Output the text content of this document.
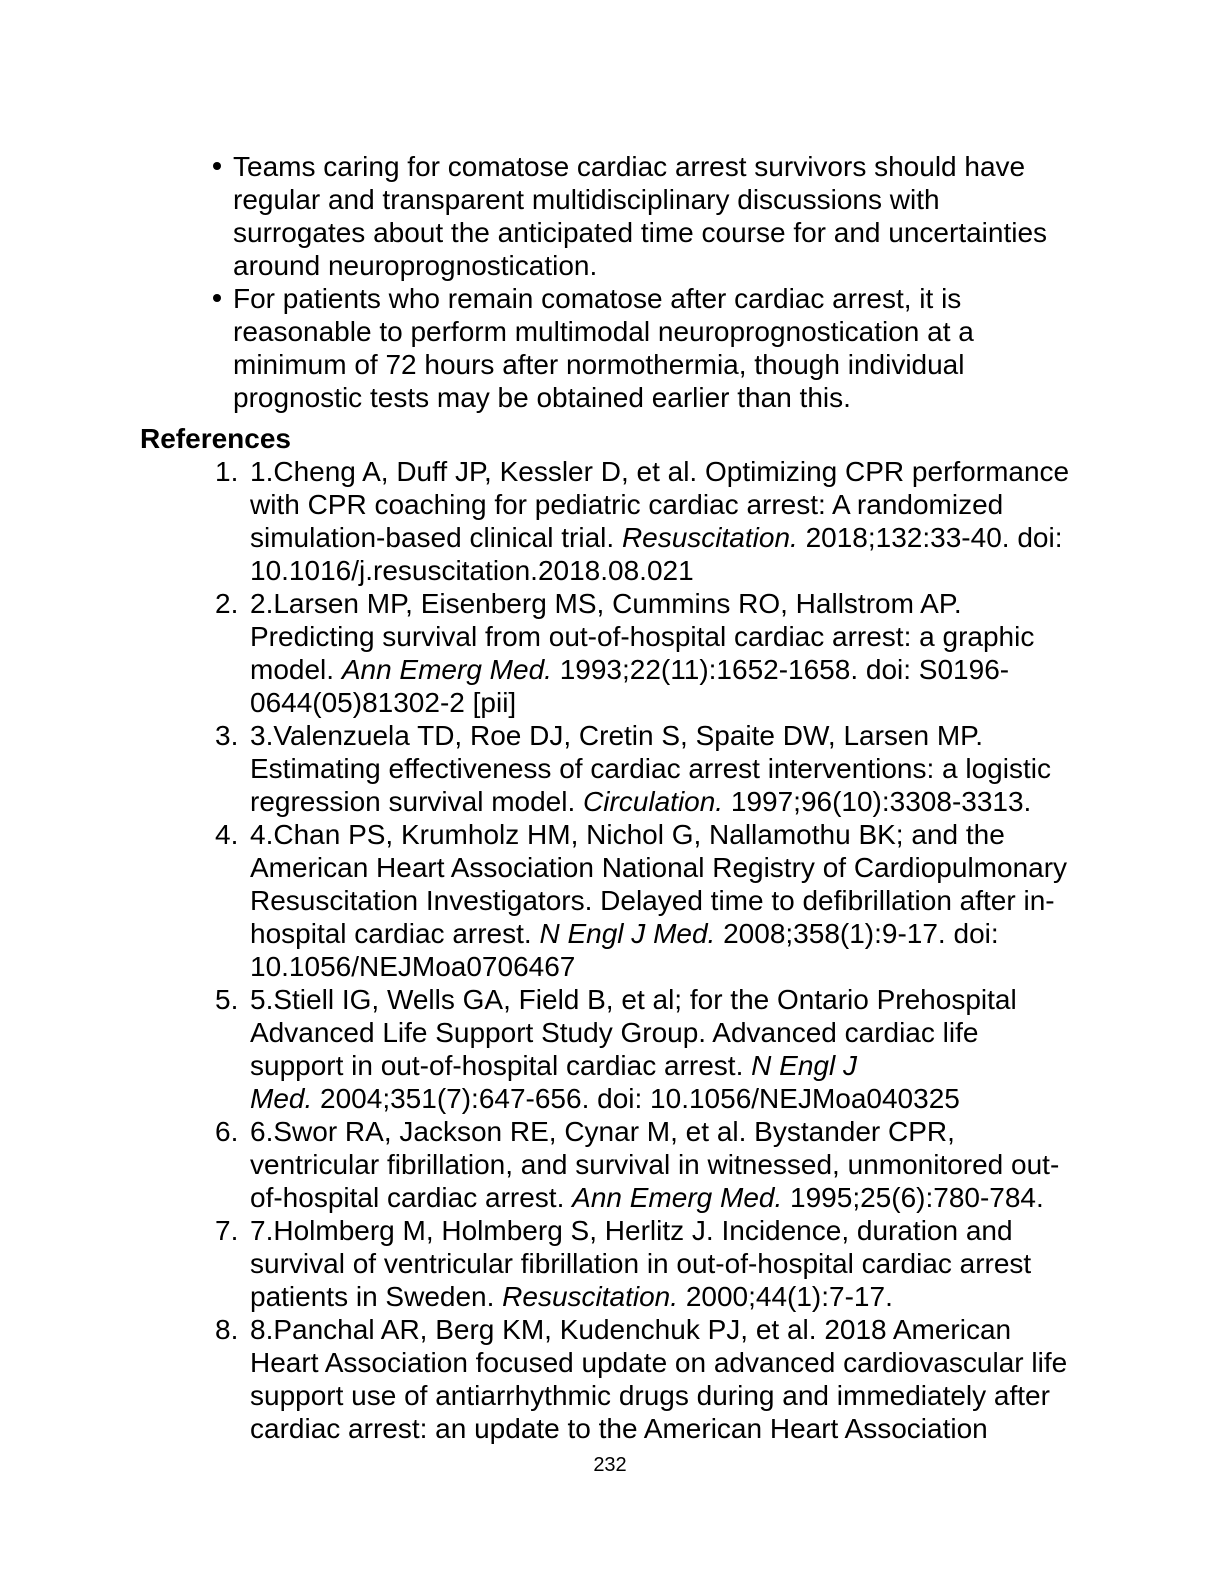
Teams caring for comatose cardiac arrest survivors should have regular and transparent multidisciplinary discussions with surrogates about the anticipated time course for and uncertainties around neuroprognostication.
For patients who remain comatose after cardiac arrest, it is reasonable to perform multimodal neuroprognostication at a minimum of 72 hours after normothermia, though individual prognostic tests may be obtained earlier than this.
References
1. 1.Cheng A, Duff JP, Kessler D, et al. Optimizing CPR performance with CPR coaching for pediatric cardiac arrest: A randomized simulation-based clinical trial. Resuscitation. 2018;132:33-40. doi: 10.1016/j.resuscitation.2018.08.021
2. 2.Larsen MP, Eisenberg MS, Cummins RO, Hallstrom AP. Predicting survival from out-of-hospital cardiac arrest: a graphic model. Ann Emerg Med. 1993;22(11):1652-1658. doi: S0196-0644(05)81302-2 [pii]
3. 3.Valenzuela TD, Roe DJ, Cretin S, Spaite DW, Larsen MP. Estimating effectiveness of cardiac arrest interventions: a logistic regression survival model. Circulation. 1997;96(10):3308-3313.
4. 4.Chan PS, Krumholz HM, Nichol G, Nallamothu BK; and the American Heart Association National Registry of Cardiopulmonary Resuscitation Investigators. Delayed time to defibrillation after in-hospital cardiac arrest. N Engl J Med. 2008;358(1):9-17. doi: 10.1056/NEJMoa0706467
5. 5.Stiell IG, Wells GA, Field B, et al; for the Ontario Prehospital Advanced Life Support Study Group. Advanced cardiac life support in out-of-hospital cardiac arrest. N Engl J Med. 2004;351(7):647-656. doi: 10.1056/NEJMoa040325
6. 6.Swor RA, Jackson RE, Cynar M, et al. Bystander CPR, ventricular fibrillation, and survival in witnessed, unmonitored out-of-hospital cardiac arrest. Ann Emerg Med. 1995;25(6):780-784.
7. 7.Holmberg M, Holmberg S, Herlitz J. Incidence, duration and survival of ventricular fibrillation in out-of-hospital cardiac arrest patients in Sweden. Resuscitation. 2000;44(1):7-17.
8. 8.Panchal AR, Berg KM, Kudenchuk PJ, et al. 2018 American Heart Association focused update on advanced cardiovascular life support use of antiarrhythmic drugs during and immediately after cardiac arrest: an update to the American Heart Association
232
